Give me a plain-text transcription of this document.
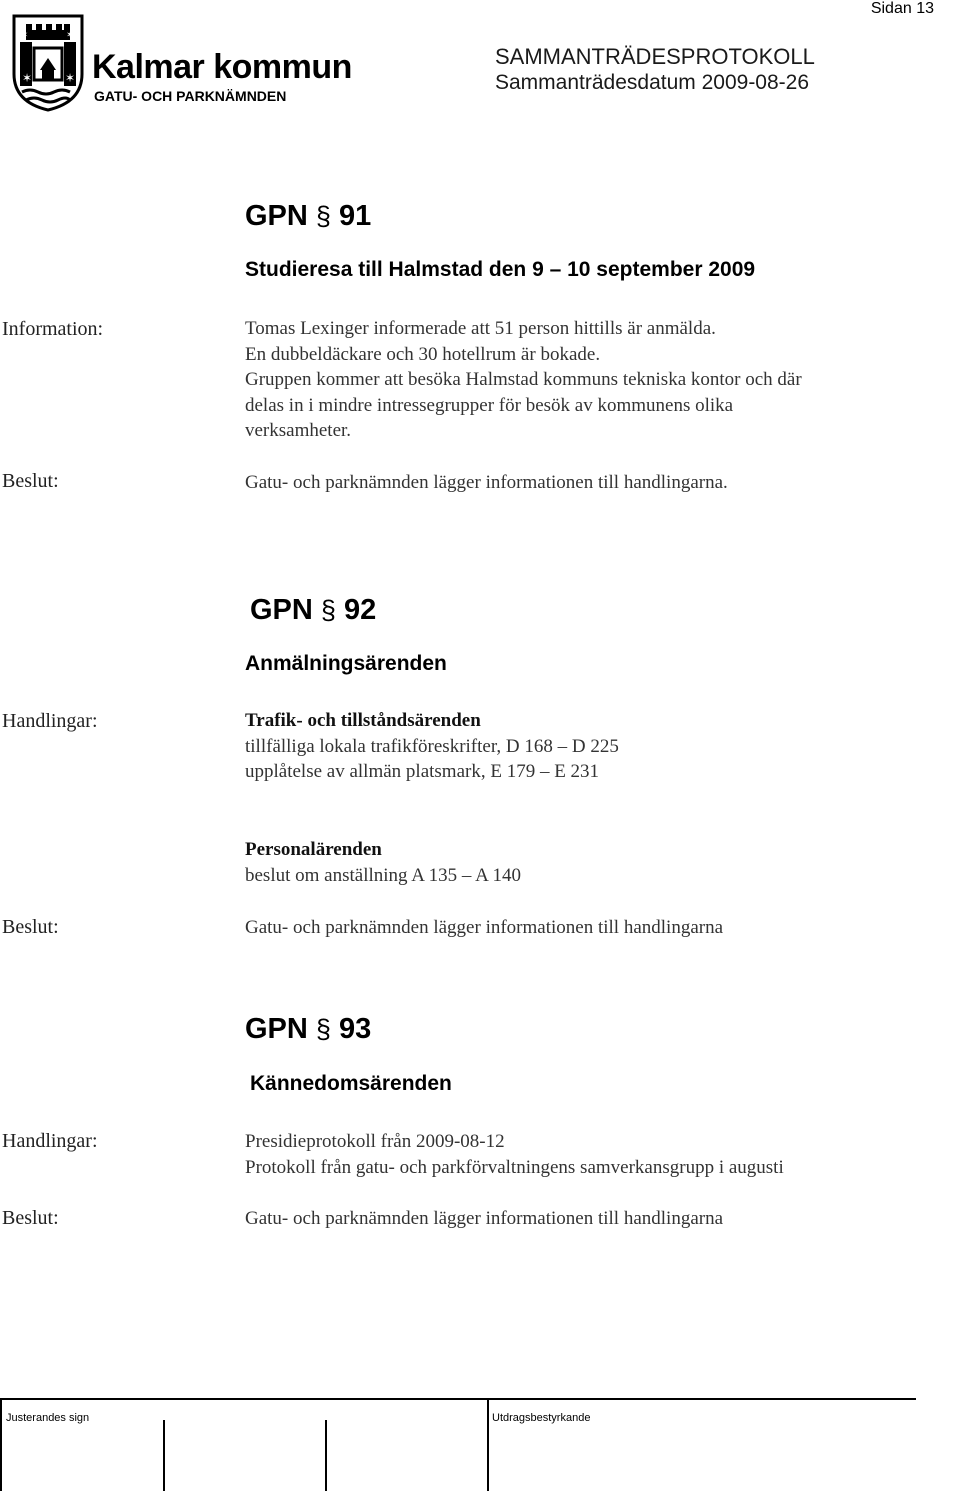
Sidan 13
✶	✶
✶	✶ Kalmar kommun
GATU- OCH PARKNÄMNDEN
SAMMANTRÄDESPROTOKOLL
Sammanträdesdatum 2009-08-26
GPN § 91
Studieresa till Halmstad den 9 – 10 september 2009
Information:	Tomas Lexinger informerade att 51 person hittills är anmälda.
En dubbeldäckare och 30 hotellrum är bokade.
Gruppen kommer att besöka Halmstad kommuns tekniska kontor och där
delas in i mindre intressegrupper för besök av kommunens olika
verksamheter.
Beslut:	Gatu- och parknämnden lägger informationen till handlingarna.
GPN § 92
Anmälningsärenden
Handlingar:	Trafik- och tillståndsärenden
tillfälliga lokala trafikföreskrifter, D 168 – D 225
upplåtelse av allmän platsmark, E 179 – E 231
Personalärenden
beslut om anställning A 135 – A 140
Beslut:	Gatu- och parknämnden lägger informationen till handlingarna
GPN § 93
Kännedomsärenden
Handlingar:	Presidieprotokoll från 2009-08-12
Protokoll från gatu- och parkförvaltningens samverkansgrupp i augusti
Beslut:	Gatu- och parknämnden lägger informationen till handlingarna
Justerandes sign	Utdragsbestyrkande
